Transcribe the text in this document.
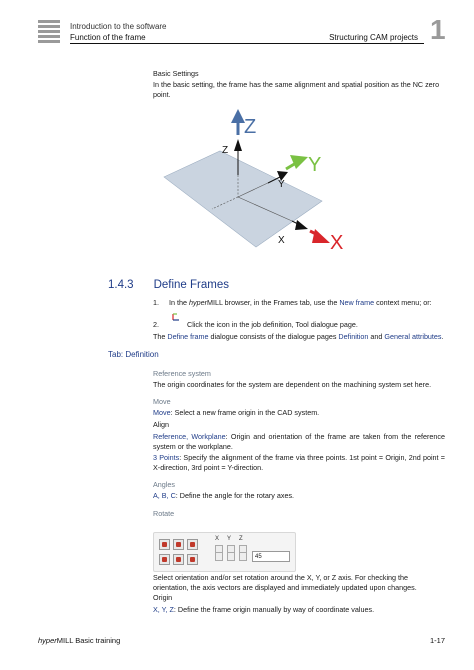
Introduction to the software
Function of the frame	Structuring CAM projects 1
Basic Settings
In the basic setting, the frame has the same alignment and spatial position as the NC zero point.
Z
Z
Y
Y
X
X
1.4.3 Define Frames
1. In the hyperMILL browser, in the Frames tab, use the New frame context menu; or:
2.	Click the icon in the job definition, Tool dialogue page.
The Define frame dialogue consists of the dialogue pages Definition and General attributes.
Tab: Definition
Reference system
The origin coordinates for the system are dependent on the machining system set here.
Move
Move: Select a new frame origin in the CAD system.
Align
Reference, Workplane: Origin and orientation of the frame are taken from the reference system or the workplane.
3 Points: Specify the alignment of the frame via three points. 1st point = Origin, 2nd point = X-direction, 3rd point = Y-direction.
Angles
A, B, C: Define the angle for the rotary axes.
Rotate
X Y Z
45
Select orientation and/or set rotation around the X, Y, or Z axis. For checking the orientation, the axis vectors are displayed and immediately updated upon changes.
Origin
X, Y, Z: Define the frame origin manually by way of coordinate values.
hyperMILL Basic training	1-17
